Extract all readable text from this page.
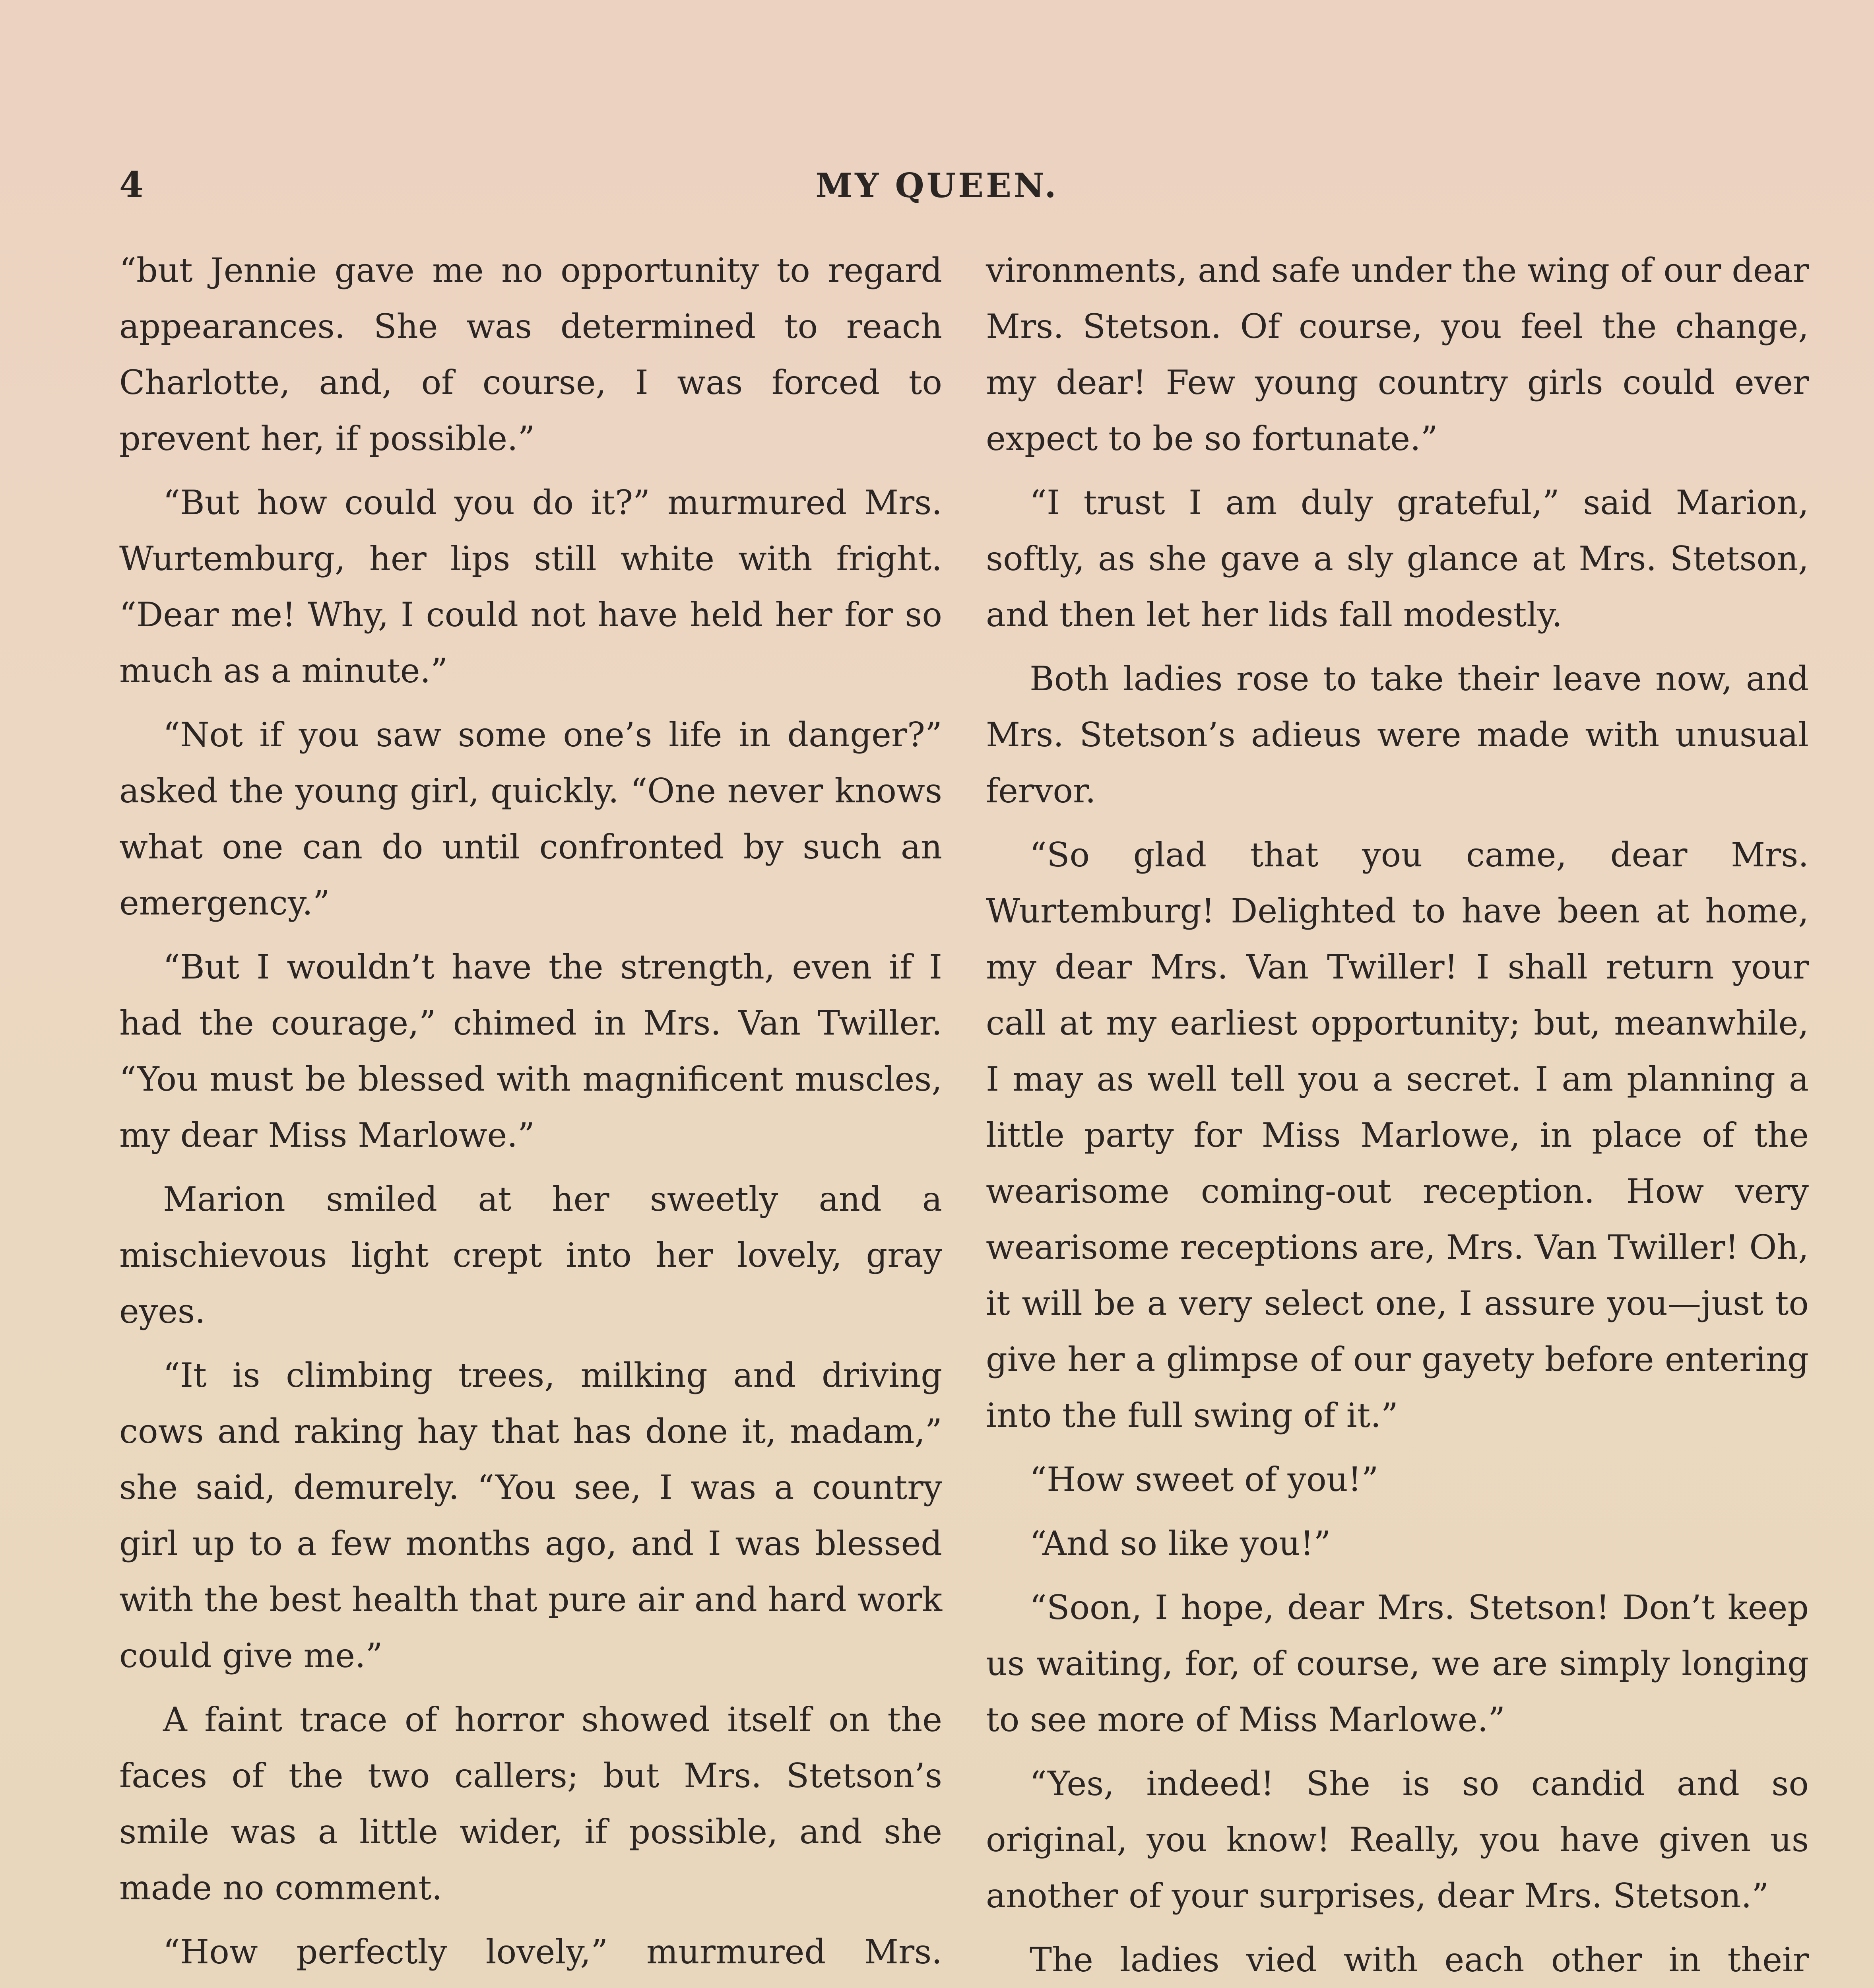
4	MY QUEEN.

“but Jennie gave me no opportunity to regard appearances. She was determined to reach Charlotte, and, of course, I was forced to prevent her, if possible.”

“But how could you do it?” murmured Mrs. Wurtemburg, her lips still white with fright. “Dear me! Why, I could not have held her for so much as a minute.”

“Not if you saw some one’s life in danger?” asked the young girl, quickly. “One never knows what one can do until confronted by such an emergency.”

“But I wouldn’t have the strength, even if I had the courage,” chimed in Mrs. Van Twiller. “You must be blessed with magnificent muscles, my dear Miss Marlowe.”

Marion smiled at her sweetly and a mischievous light crept into her lovely, gray eyes.

“It is climbing trees, milking and driving cows and raking hay that has done it, madam,” she said, demurely. “You see, I was a country girl up to a few months ago, and I was blessed with the best health that pure air and hard work could give me.”

A faint trace of horror showed itself on the faces of the two callers; but Mrs. Stetson’s smile was a little wider, if possible, and she made no comment.

“How perfectly lovely,” murmured Mrs.

vironments, and safe under the wing of our dear Mrs. Stetson. Of course, you feel the change, my dear! Few young country girls could ever expect to be so fortunate.”

“I trust I am duly grateful,” said Marion, softly, as she gave a sly glance at Mrs. Stetson, and then let her lids fall modestly.

Both ladies rose to take their leave now, and Mrs. Stetson’s adieus were made with unusual fervor.

“So glad that you came, dear Mrs. Wurtemburg! Delighted to have been at home, my dear Mrs. Van Twiller! I shall return your call at my earliest opportunity; but, meanwhile, I may as well tell you a secret. I am planning a little party for Miss Marlowe, in place of the wearisome coming-out reception. How very wearisome receptions are, Mrs. Van Twiller! Oh, it will be a very select one, I assure you—just to give her a glimpse of our gayety before entering into the full swing of it.”

“How sweet of you!”

“And so like you!”

“Soon, I hope, dear Mrs. Stetson! Don’t keep us waiting, for, of course, we are simply longing to see more of Miss Marlowe.”

“Yes, indeed! She is so candid and so original, you know! Really, you have given us another of your surprises, dear Mrs. Stetson.”

The ladies vied with each other in their
